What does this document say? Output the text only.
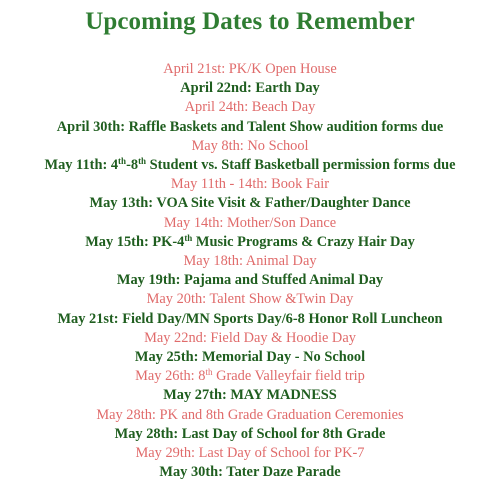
Upcoming Dates to Remember
April 21st: PK/K Open House
April 22nd: Earth Day
April 24th: Beach Day
April 30th: Raffle Baskets and Talent Show audition forms due
May 8th: No School
May 11th: 4th-8th Student vs. Staff Basketball permission forms due
May 11th - 14th: Book Fair
May 13th: VOA Site Visit & Father/Daughter Dance
May 14th: Mother/Son Dance
May 15th: PK-4th Music Programs & Crazy Hair Day
May 18th: Animal Day
May 19th: Pajama and Stuffed Animal Day
May 20th: Talent Show &Twin Day
May 21st: Field Day/MN Sports Day/6-8 Honor Roll Luncheon
May 22nd: Field Day & Hoodie Day
May 25th: Memorial Day - No School
May 26th: 8th Grade Valleyfair field trip
May 27th: MAY MADNESS
May 28th: PK and 8th Grade Graduation Ceremonies
May 28th: Last Day of School for 8th Grade
May 29th: Last Day of School for PK-7
May 30th: Tater Daze Parade
